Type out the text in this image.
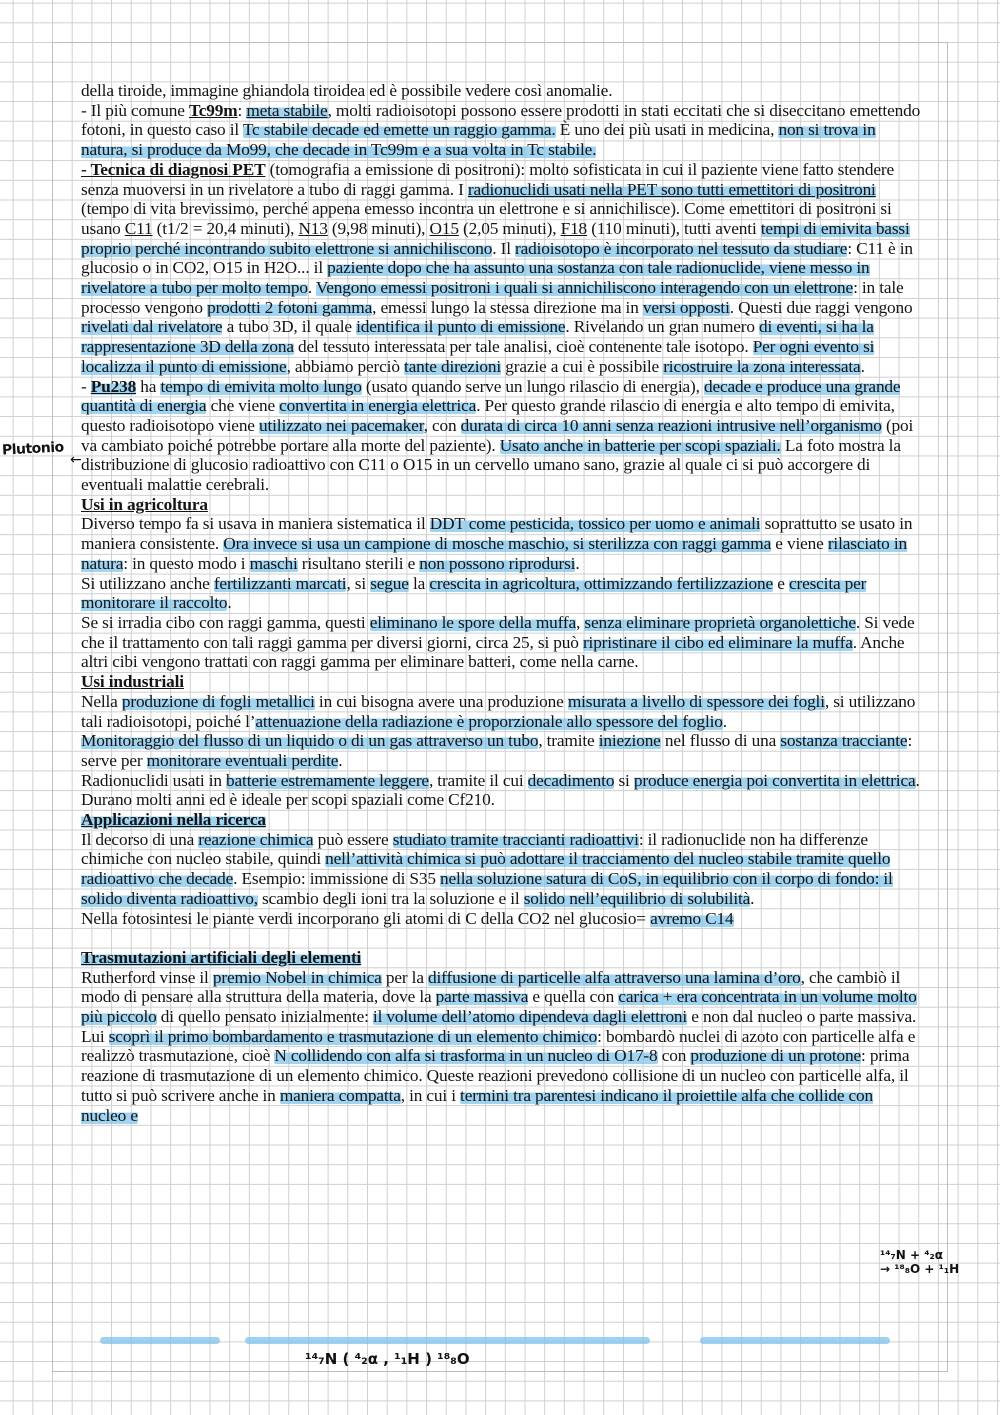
della tiroide, immagine ghiandola tiroidea ed è possibile vedere così anomalie.
- Il più comune Tc99m: meta stabile, molti radioisotopi possono essere prodotti in stati eccitati che si diseccitano emettendo fotoni, in questo caso il Tc stabile decade ed emette un raggio gamma. È uno dei più usati in medicina, non si trova in natura, si produce da Mo99, che decade in Tc99m e a sua volta in Tc stabile.
- Tecnica di diagnosi PET (tomografia a emissione di positroni): molto sofisticata in cui il paziente viene fatto stendere senza muoversi in un rivelatore a tubo di raggi gamma. I radionuclidi usati nella PET sono tutti emettitori di positroni (tempo di vita brevissimo, perché appena emesso incontra un elettrone e si annichilisce). Come emettitori di positroni si usano C11 (t1/2 = 20,4 minuti), N13 (9,98 minuti), O15 (2,05 minuti), F18 (110 minuti), tutti aventi tempi di emivita bassi proprio perché incontrando subito elettrone si annichiliscono. Il radioisotopo è incorporato nel tessuto da studiare: C11 è in glucosio o in CO2, O15 in H2O... il paziente dopo che ha assunto una sostanza con tale radionuclide, viene messo in rivelatore a tubo per molto tempo. Vengono emessi positroni i quali si annichiliscono interagendo con un elettrone: in tale processo vengono prodotti 2 fotoni gamma, emessi lungo la stessa direzione ma in versi opposti. Questi due raggi vengono rivelati dal rivelatore a tubo 3D, il quale identifica il punto di emissione. Rivelando un gran numero di eventi, si ha la rappresentazione 3D della zona del tessuto interessata per tale analisi, cioè contenente tale isotopo. Per ogni evento si localizza il punto di emissione, abbiamo perciò tante direzioni grazie a cui è possibile ricostruire la zona interessata.
- Pu238 ha tempo di emivita molto lungo (usato quando serve un lungo rilascio di energia), decade e produce una grande quantità di energia che viene convertita in energia elettrica. Per questo grande rilascio di energia e alto tempo di emivita, questo radioisotopo viene utilizzato nei pacemaker, con durata di circa 10 anni senza reazioni intrusive nell’organismo (poi va cambiato poiché potrebbe portare alla morte del paziente). Usato anche in batterie per scopi spaziali. La foto mostra la distribuzione di glucosio radioattivo con C11 o O15 in un cervello umano sano, grazie al quale ci si può accorgere di eventuali malattie cerebrali.
Usi in agricoltura
Diverso tempo fa si usava in maniera sistematica il DDT come pesticida, tossico per uomo e animali soprattutto se usato in maniera consistente. Ora invece si usa un campione di mosche maschio, si sterilizza con raggi gamma e viene rilasciato in natura: in questo modo i maschi risultano sterili e non possono riprodursi.
Si utilizzano anche fertilizzanti marcati, si segue la crescita in agricoltura, ottimizzando fertilizzazione e crescita per monitorare il raccolto.
Se si irradia cibo con raggi gamma, questi eliminano le spore della muffa, senza eliminare proprietà organolettiche. Si vede che il trattamento con tali raggi gamma per diversi giorni, circa 25, si può ripristinare il cibo ed eliminare la muffa. Anche altri cibi vengono trattati con raggi gamma per eliminare batteri, come nella carne.
Usi industriali
Nella produzione di fogli metallici in cui bisogna avere una produzione misurata a livello di spessore dei fogli, si utilizzano tali radioisotopi, poiché l’attenuazione della radiazione è proporzionale allo spessore del foglio.
Monitoraggio del flusso di un liquido o di un gas attraverso un tubo, tramite iniezione nel flusso di una sostanza tracciante: serve per monitorare eventuali perdite.
Radionuclidi usati in batterie estremamente leggere, tramite il cui decadimento si produce energia poi convertita in elettrica. Durano molti anni ed è ideale per scopi spaziali come Cf210.
Applicazioni nella ricerca
Il decorso di una reazione chimica può essere studiato tramite traccianti radioattivi: il radionuclide non ha differenze chimiche con nucleo stabile, quindi nell’attività chimica si può adottare il tracciamento del nucleo stabile tramite quello radioattivo che decade. Esempio: immissione di S35 nella soluzione satura di CoS, in equilibrio con il corpo di fondo: il solido diventa radioattivo, scambio degli ioni tra la soluzione e il solido nell’equilibrio di solubilità.
Nella fotosintesi le piante verdi incorporano gli atomi di C della CO2 nel glucosio= avremo C14
Trasmutazioni artificiali degli elementi
Rutherford vinse il premio Nobel in chimica per la diffusione di particelle alfa attraverso una lamina d’oro, che cambiò il modo di pensare alla struttura della materia, dove la parte massiva e quella con carica + era concentrata in un volume molto più piccolo di quello pensato inizialmente: il volume dell’atomo dipendeva dagli elettroni e non dal nucleo o parte massiva. Lui scoprì il primo bombardamento e trasmutazione di un elemento chimico: bombardò nuclei di azoto con particelle alfa e realizzò trasmutazione, cioè N collidendo con alfa si trasforma in un nucleo di O17-8 con produzione di un protone: prima reazione di trasmutazione di un elemento chimico. Queste reazioni prevedono collisione di un nucleo con particelle alfa, il tutto si può scrivere anche in maniera compatta, in cui i termini tra parentesi indicano il proiettile alfa che collide con nucleo e
Plutonio
←
¹⁴₇N + ⁴₂α
→ ¹⁸₈O + ¹₁H
¹⁴₇N ( ⁴₂α , ¹₁H ) ¹⁸₈O
